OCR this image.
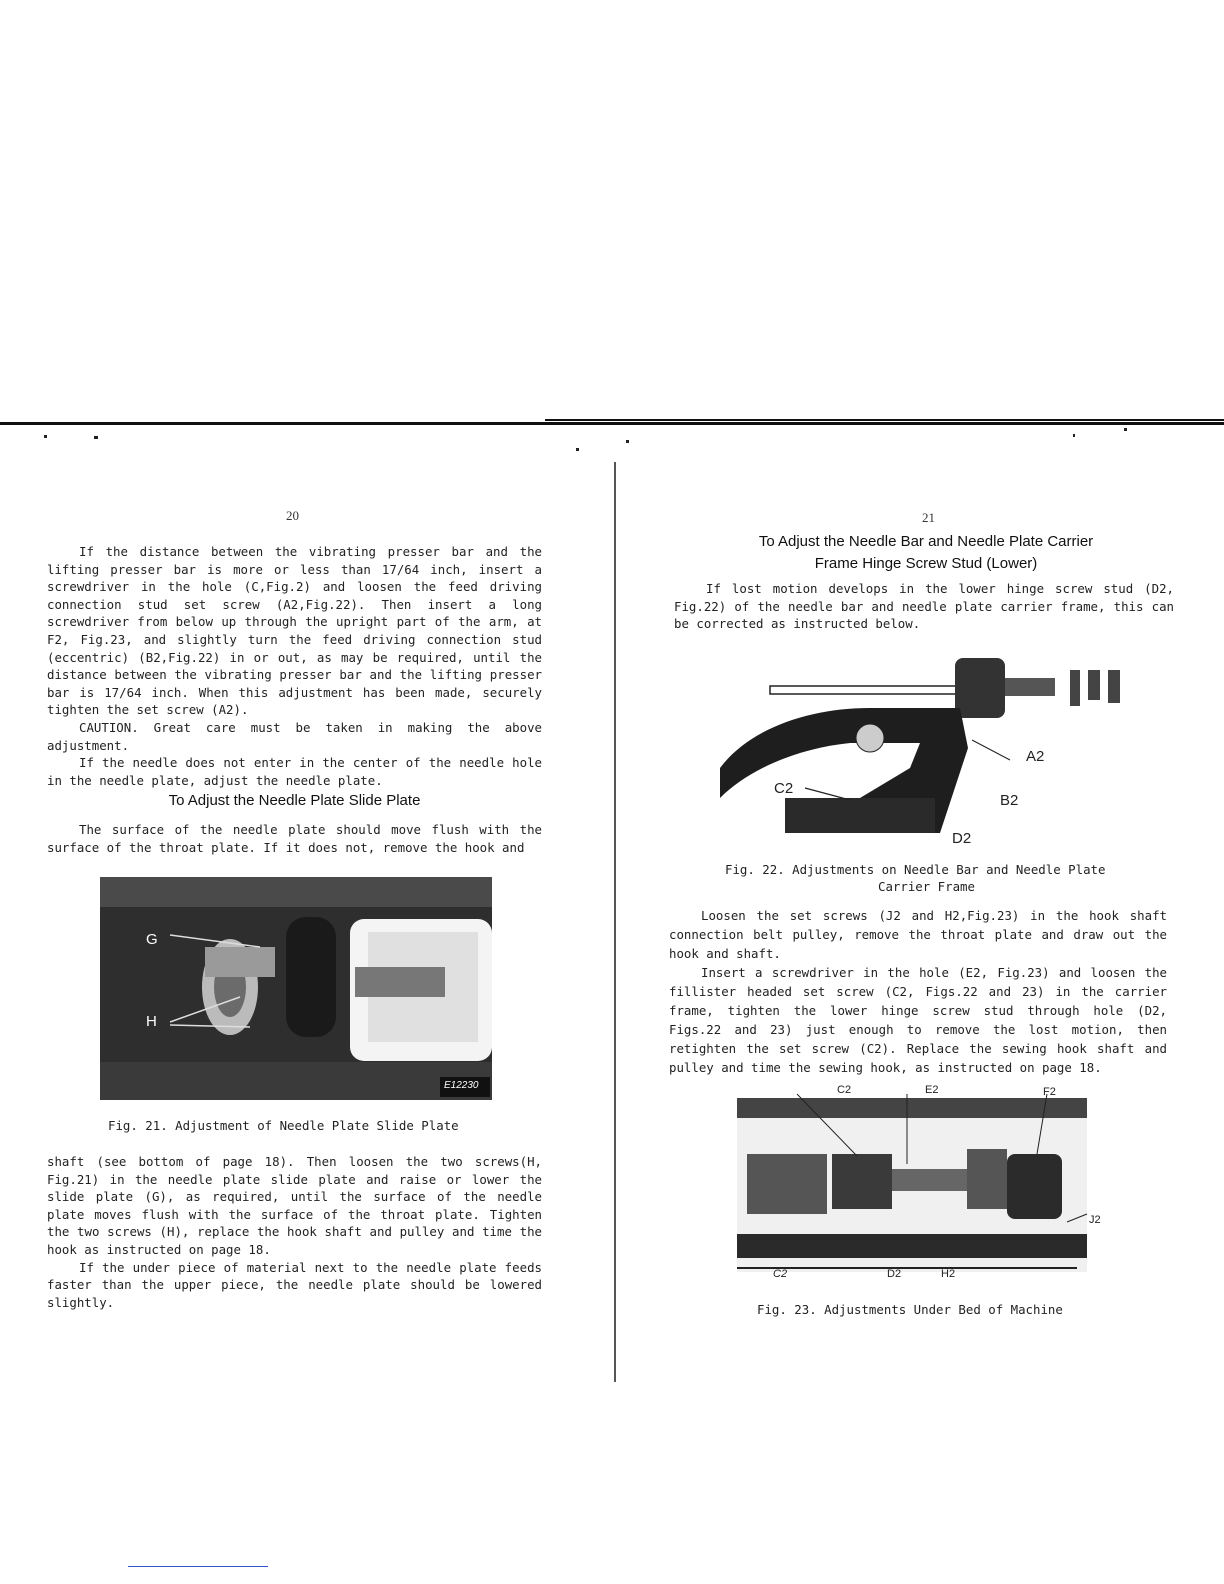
20

If the distance between the vibrating presser bar and the lifting presser bar is more or less than 17/64 inch, insert a screwdriver in the hole (C,Fig.2) and loosen the feed driving connection stud set screw (A2,Fig.22). Then insert a long screwdriver from below up through the upright part of the arm, at F2, Fig.23, and slightly turn the feed driving connection stud (eccentric) (B2,Fig.22) in or out, as may be required, until the distance between the vibrating presser bar and the lifting presser bar is 17/64 inch. When this adjustment has been made, securely tighten the set screw (A2).

CAUTION. Great care must be taken in making the above adjustment.

If the needle does not enter in the center of the needle hole in the needle plate, adjust the needle plate.

To Adjust the Needle Plate Slide Plate

The surface of the needle plate should move flush with the surface of the throat plate. If it does not, remove the hook and

G
H
E12230
Fig. 21. Adjustment of Needle Plate Slide Plate

shaft (see bottom of page 18). Then loosen the two screws(H, Fig.21) in the needle plate slide plate and raise or lower the slide plate (G), as required, until the surface of the needle plate moves flush with the surface of the throat plate. Tighten the two screws (H), replace the hook shaft and pulley and time the hook as instructed on page 18.

If the under piece of material next to the needle plate feeds faster than the upper piece, the needle plate should be lowered slightly.

21
To Adjust the Needle Bar and Needle Plate Carrier
Frame Hinge Screw Stud (Lower)

If lost motion develops in the lower hinge screw stud (D2, Fig.22) of the needle bar and needle plate carrier frame, this can be corrected as instructed below.

A2
B2
C2
D2
Fig. 22. Adjustments on Needle Bar and Needle Plate
Carrier Frame

Loosen the set screws (J2 and H2,Fig.23) in the hook shaft connection belt pulley, remove the throat plate and draw out the hook and shaft.

Insert a screwdriver in the hole (E2, Fig.23) and loosen the fillister headed set screw (C2, Figs.22 and 23) in the carrier frame, tighten the lower hinge screw stud through hole (D2, Figs.22 and 23) just enough to remove the lost motion, then retighten the set screw (C2). Replace the sewing hook shaft and pulley and time the sewing hook, as instructed on page 18.

C2	E2	F2
J2
C2	D2	H2
Fig. 23. Adjustments Under Bed of Machine
